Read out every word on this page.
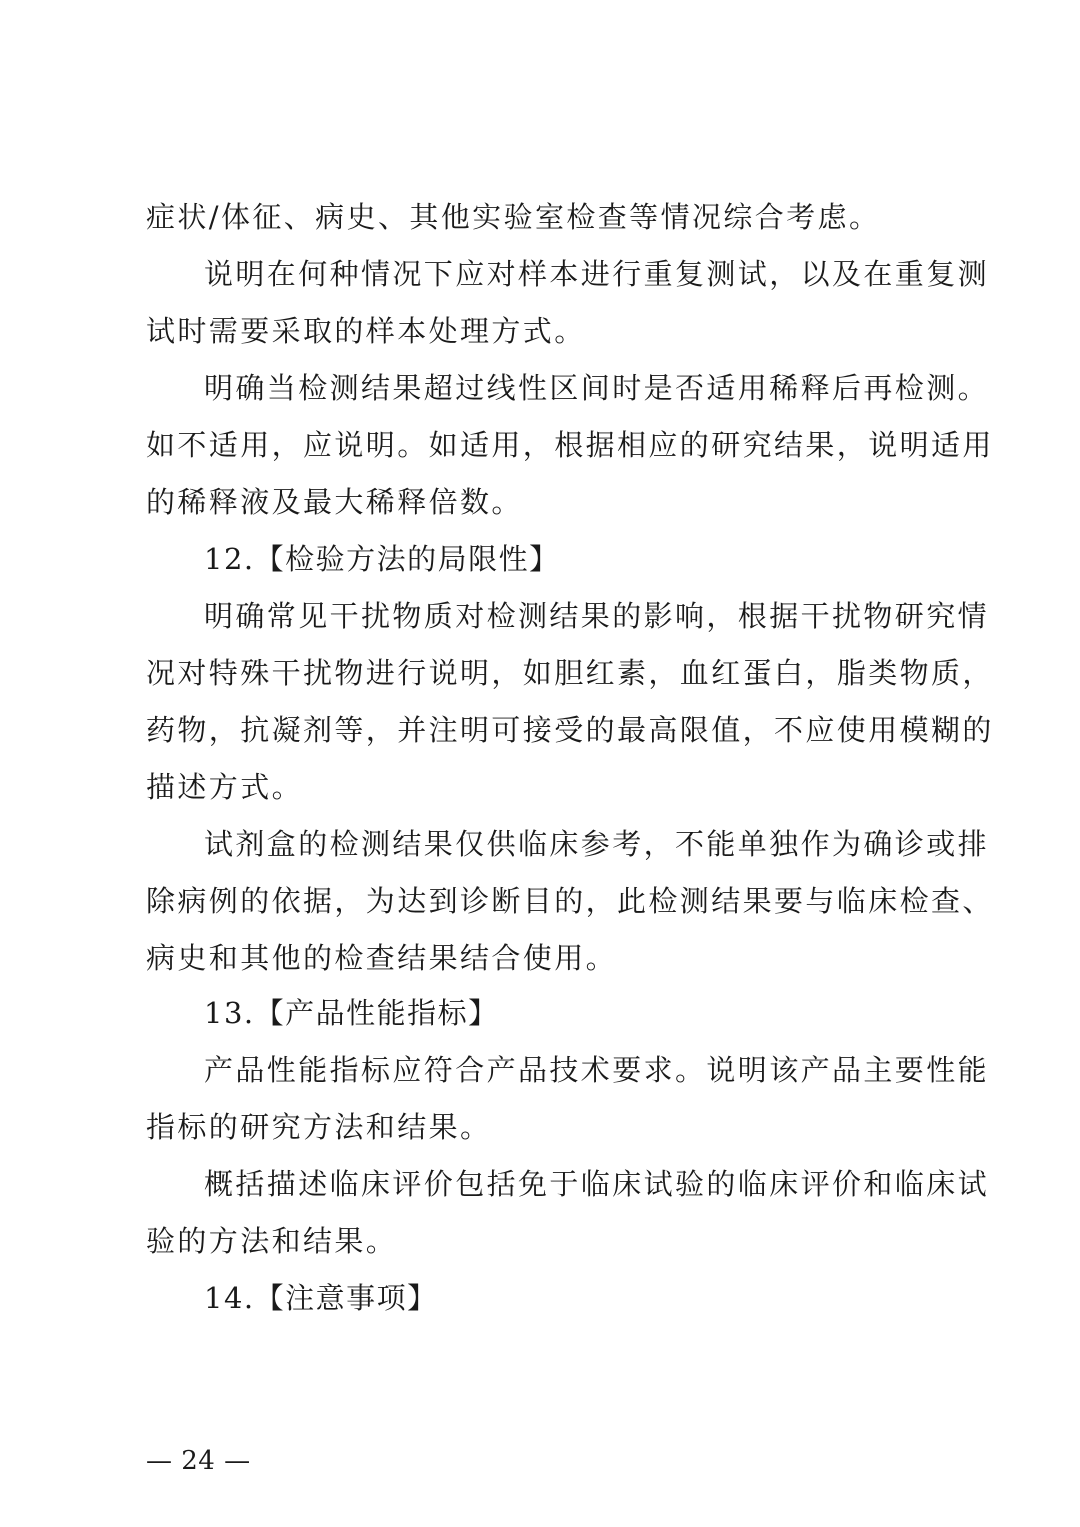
症状/体征、病史、其他实验室检查等情况综合考虑。
说明在何种情况下应对样本进行重复测试，以及在重复测
试时需要采取的样本处理方式。
明确当检测结果超过线性区间时是否适用稀释后再检测。
如不适用，应说明。如适用，根据相应的研究结果，说明适用
的稀释液及最大稀释倍数。
12.【检验方法的局限性】
明确常见干扰物质对检测结果的影响，根据干扰物研究情
况对特殊干扰物进行说明，如胆红素，血红蛋白，脂类物质，
药物，抗凝剂等，并注明可接受的最高限值，不应使用模糊的
描述方式。
试剂盒的检测结果仅供临床参考，不能单独作为确诊或排
除病例的依据，为达到诊断目的，此检测结果要与临床检查、
病史和其他的检查结果结合使用。
13.【产品性能指标】
产品性能指标应符合产品技术要求。说明该产品主要性能
指标的研究方法和结果。
概括描述临床评价包括免于临床试验的临床评价和临床试
验的方法和结果。
14.【注意事项】
— 24 —
